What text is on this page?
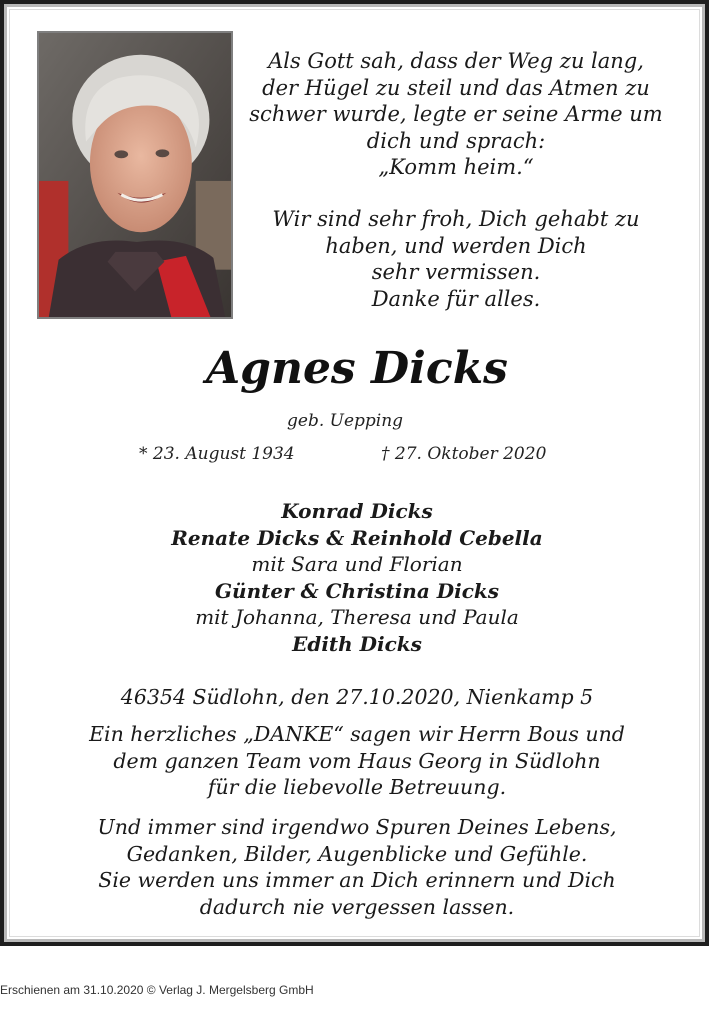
Als Gott sah, dass der Weg zu lang,
der Hügel zu steil und das Atmen zu
schwer wurde, legte er seine Arme um
dich und sprach:
„Komm heim.“
Wir sind sehr froh, Dich gehabt zu
haben, und werden Dich
sehr vermissen.
Danke für alles.
Agnes Dicks
geb. Uepping
* 23. August 1934	† 27. Oktober 2020
Konrad Dicks
Renate Dicks & Reinhold Cebella
mit Sara und Florian
Günter & Christina Dicks
mit Johanna, Theresa und Paula
Edith Dicks
46354 Südlohn, den 27.10.2020, Nienkamp 5
Ein herzliches „DANKE“ sagen wir Herrn Bous und
dem ganzen Team vom Haus Georg in Südlohn
für die liebevolle Betreuung.
Und immer sind irgendwo Spuren Deines Lebens,
Gedanken, Bilder, Augenblicke und Gefühle.
Sie werden uns immer an Dich erinnern und Dich
dadurch nie vergessen lassen.
Erschienen am 31.10.2020 © Verlag J. Mergelsberg GmbH
